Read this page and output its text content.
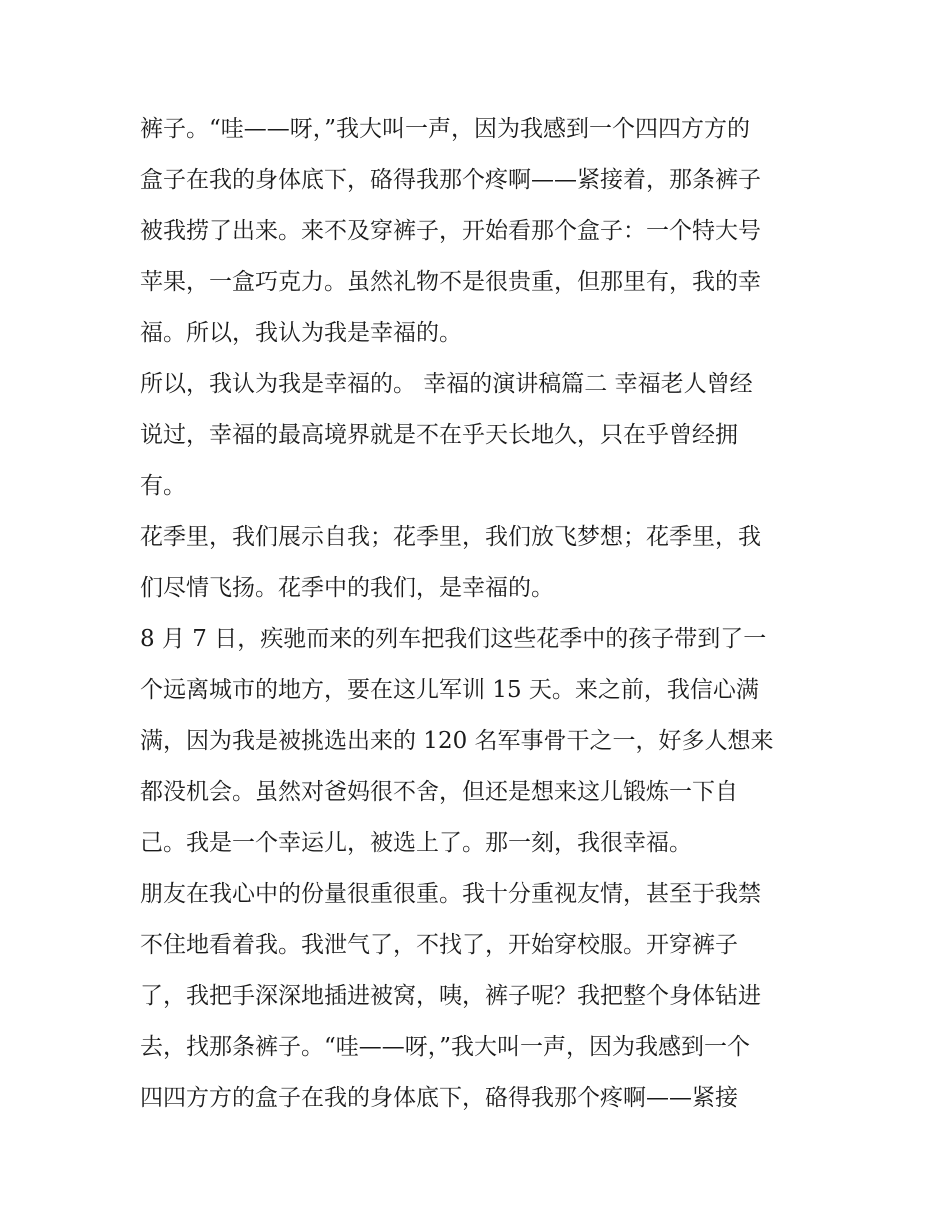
裤子。“哇——呀，”我大叫一声，因为我感到一个四四方方的
盒子在我的身体底下，硌得我那个疼啊——紧接着，那条裤子
被我捞了出来。来不及穿裤子，开始看那个盒子：一个特大号
苹果，一盒巧克力。虽然礼物不是很贵重，但那里有，我的幸
福。所以，我认为我是幸福的。
所以，我认为我是幸福的。 幸福的演讲稿篇二 幸福老人曾经
说过，幸福的最高境界就是不在乎天长地久，只在乎曾经拥
有。
花季里，我们展示自我；花季里，我们放飞梦想；花季里，我
们尽情飞扬。花季中的我们，是幸福的。
8 月 7 日，疾驰而来的列车把我们这些花季中的孩子带到了一
个远离城市的地方，要在这儿军训 15 天。来之前，我信心满
满，因为我是被挑选出来的 120 名军事骨干之一，好多人想来
都没机会。虽然对爸妈很不舍，但还是想来这儿锻炼一下自
己。我是一个幸运儿，被选上了。那一刻，我很幸福。
朋友在我心中的份量很重很重。我十分重视友情，甚至于我禁
不住地看着我。我泄气了，不找了，开始穿校服。开穿裤子
了，我把手深深地插进被窝，咦，裤子呢？我把整个身体钻进
去，找那条裤子。“哇——呀，”我大叫一声，因为我感到一个
四四方方的盒子在我的身体底下，硌得我那个疼啊——紧接
